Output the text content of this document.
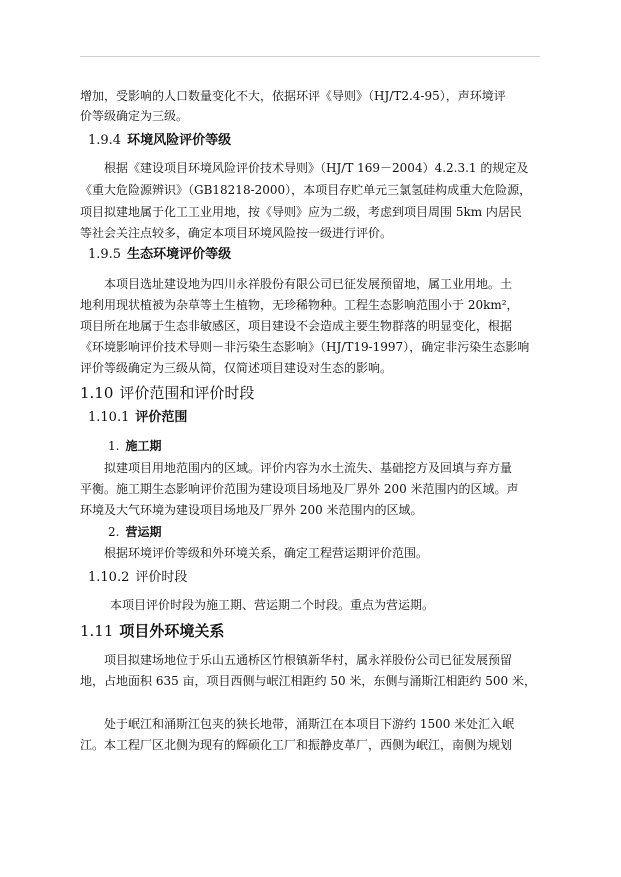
增加，受影响的人口数量变化不大，依据环评《导则》（HJ/T2.4-95），声环境评
价等级确定为三级。
1.9.4 环境风险评价等级
根据《建设项目环境风险评价技术导则》（HJ/T 169－2004）4.2.3.1 的规定及
《重大危险源辨识》（GB18218-2000），本项目存贮单元三氯氢硅构成重大危险源，
项目拟建地属于化工工业用地，按《导则》应为二级，考虑到项目周围 5km 内居民
等社会关注点较多，确定本项目环境风险按一级进行评价。
1.9.5 生态环境评价等级
本项目选址建设地为四川永祥股份有限公司已征发展预留地，属工业用地。土
地利用现状植被为杂草等土生植物，无珍稀物种。工程生态影响范围小于 20km²，
项目所在地属于生态非敏感区，项目建设不会造成主要生物群落的明显变化，根据
《环境影响评价技术导则－非污染生态影响》（HJ/T19-1997），确定非污染生态影响
评价等级确定为三级从简，仅简述项目建设对生态的影响。
1.10 评价范围和评价时段
1.10.1 评价范围
1. 施工期
拟建项目用地范围内的区域。评价内容为水土流失、基础挖方及回填与弃方量
平衡。施工期生态影响评价范围为建设项目场地及厂界外 200 米范围内的区域。声
环境及大气环境为建设项目场地及厂界外 200 米范围内的区域。
2. 营运期
根据环境评价等级和外环境关系，确定工程营运期评价范围。
1.10.2 评价时段
本项目评价时段为施工期、营运期二个时段。重点为营运期。
1.11 项目外环境关系
项目拟建场地位于乐山五通桥区竹根镇新华村，属永祥股份公司已征发展预留
地，占地面积 635 亩，项目西侧与岷江相距约 50 米，东侧与涌斯江相距约 500 米，
处于岷江和涌斯江包夹的狭长地带，涌斯江在本项目下游约 1500 米处汇入岷
江。本工程厂区北侧为现有的辉硕化工厂和振静皮革厂，西侧为岷江，南侧为规划
